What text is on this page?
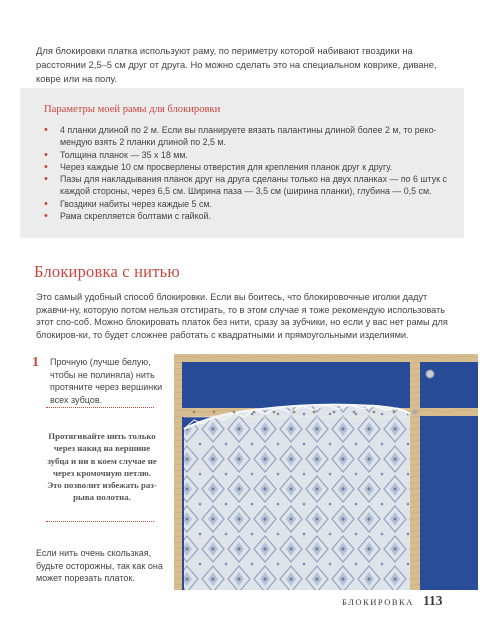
Для блокировки платка используют раму, по периметру которой набивают гвоздики на расстоянии 2,5–5 см друг от друга. Но можно сделать это на специальном коврике, диване, ковре или на полу.
Параметры моей рамы для блокировки
• 4 планки длиной по 2 м. Если вы планируете вязать палантины длиной более 2 м, то реко-мендую взять 2 планки длиной по 2,5 м.
• Толщина планок — 35 х 18 мм.
• Через каждые 10 см просверлены отверстия для крепления планок друг к другу.
• Пазы для накладывания планок друг на друга сделаны только на двух планках — по 6 штук с каждой стороны, через 6,5 см. Ширина паза — 3,5 см (ширина планки), глубина — 0,5 см.
• Гвоздики набиты через каждые 5 см.
• Рама скрепляется болтами с гайкой.
Блокировка с нитью
Это самый удобный способ блокировки. Если вы боитесь, что блокировочные иголки дадут ржавчи-ну, которую потом нельзя отстирать, то в этом случае я тоже рекомендую использовать этот спо-соб. Можно блокировать платок без нити, сразу за зубчики, но если у вас нет рамы для блокиров-ки, то будет сложнее работать с квадратными и прямоугольными изделиями.
1 Прочную (лучше белую, чтобы не полиняла) нить протяните через вершинки всех зубцов.
Протягивайте нить только через накид на вершине зубца и ни в коем случае не через кромочную петлю. Это позволит избежать раз-рыва полотна.
Если нить очень скользкая, будьте осторожны, так как она может порезать платок.
БЛОКИРОВКА 113
